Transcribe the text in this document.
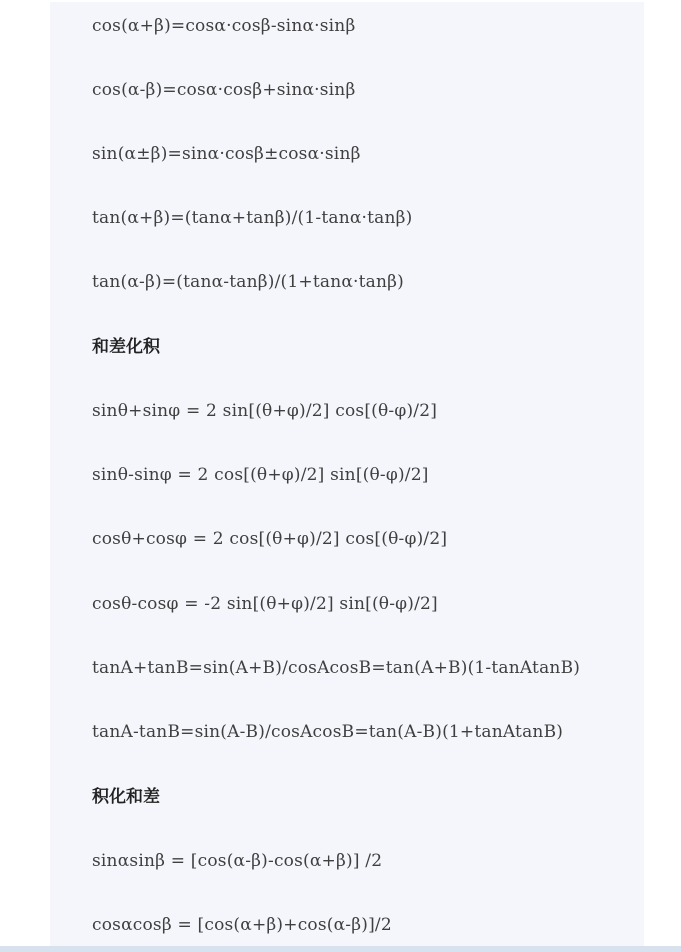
cos(α+β)=cosα·cosβ-sinα·sinβ

cos(α-β)=cosα·cosβ+sinα·sinβ

sin(α±β)=sinα·cosβ±cosα·sinβ

tan(α+β)=(tanα+tanβ)/(1-tanα·tanβ)

tan(α-β)=(tanα-tanβ)/(1+tanα·tanβ)

和差化积

sinθ+sinφ = 2 sin[(θ+φ)/2] cos[(θ-φ)/2]

sinθ-sinφ = 2 cos[(θ+φ)/2] sin[(θ-φ)/2]

cosθ+cosφ = 2 cos[(θ+φ)/2] cos[(θ-φ)/2]

cosθ-cosφ = -2 sin[(θ+φ)/2] sin[(θ-φ)/2]

tanA+tanB=sin(A+B)/cosAcosB=tan(A+B)(1-tanAtanB)

tanA-tanB=sin(A-B)/cosAcosB=tan(A-B)(1+tanAtanB)

积化和差

sinαsinβ = [cos(α-β)-cos(α+β)] /2

cosαcosβ = [cos(α+β)+cos(α-β)]/2
